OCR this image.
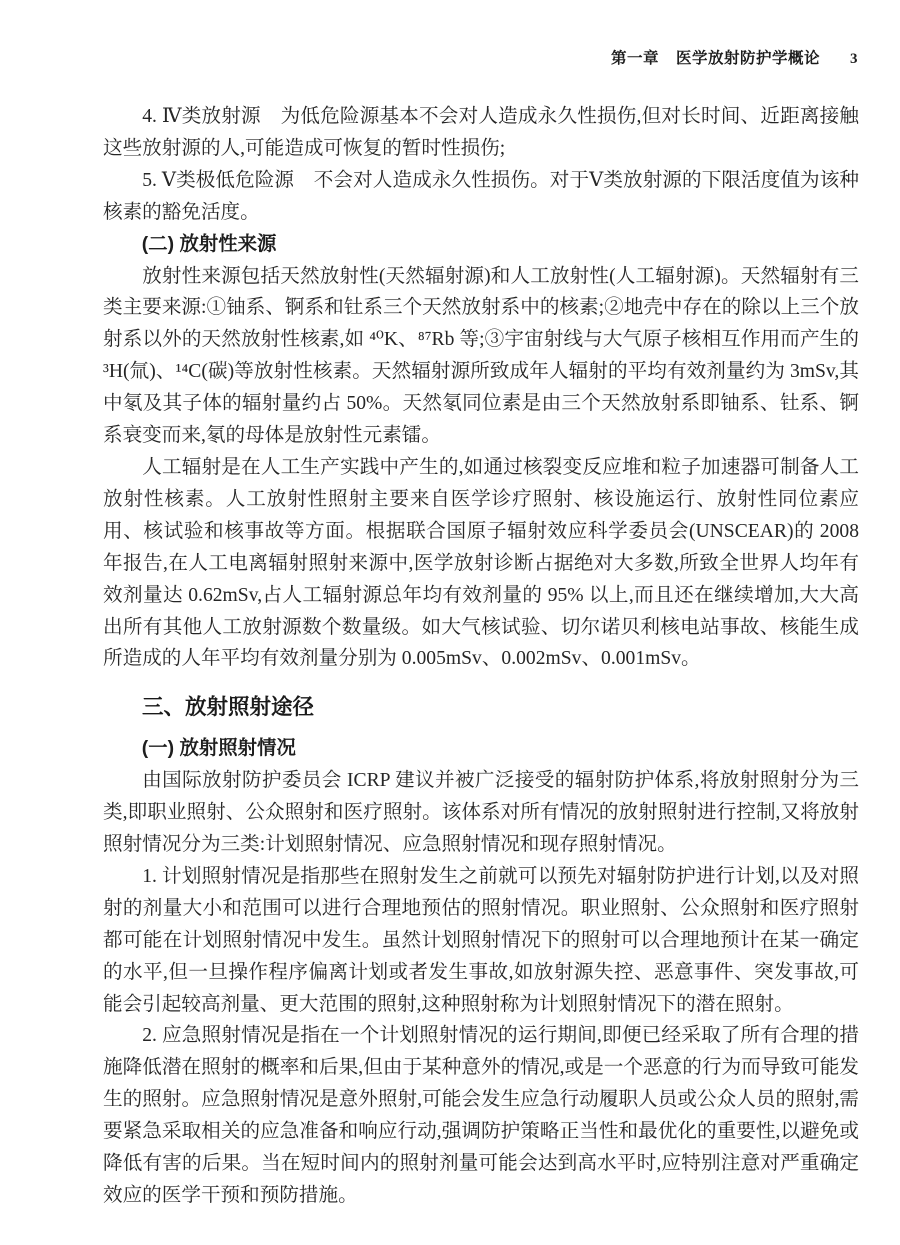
第一章 医学放射防护学概论 3

4. Ⅳ类放射源　为低危险源基本不会对人造成永久性损伤,但对长时间、近距离接触这些放射源的人,可能造成可恢复的暂时性损伤;

5. Ⅴ类极低危险源　不会对人造成永久性损伤。对于Ⅴ类放射源的下限活度值为该种核素的豁免活度。

(二) 放射性来源

放射性来源包括天然放射性(天然辐射源)和人工放射性(人工辐射源)。天然辐射有三类主要来源:①铀系、锕系和钍系三个天然放射系中的核素;②地壳中存在的除以上三个放射系以外的天然放射性核素,如 ⁴⁰K、⁸⁷Rb 等;③宇宙射线与大气原子核相互作用而产生的 ³H(氚)、¹⁴C(碳)等放射性核素。天然辐射源所致成年人辐射的平均有效剂量约为 3mSv,其中氡及其子体的辐射量约占 50%。天然氡同位素是由三个天然放射系即铀系、钍系、锕系衰变而来,氡的母体是放射性元素镭。

人工辐射是在人工生产实践中产生的,如通过核裂变反应堆和粒子加速器可制备人工放射性核素。人工放射性照射主要来自医学诊疗照射、核设施运行、放射性同位素应用、核试验和核事故等方面。根据联合国原子辐射效应科学委员会(UNSCEAR)的 2008 年报告,在人工电离辐射照射来源中,医学放射诊断占据绝对大多数,所致全世界人均年有效剂量达 0.62mSv,占人工辐射源总年均有效剂量的 95% 以上,而且还在继续增加,大大高出所有其他人工放射源数个数量级。如大气核试验、切尔诺贝利核电站事故、核能生成所造成的人年平均有效剂量分别为 0.005mSv、0.002mSv、0.001mSv。

三、放射照射途径

(一) 放射照射情况

由国际放射防护委员会 ICRP 建议并被广泛接受的辐射防护体系,将放射照射分为三类,即职业照射、公众照射和医疗照射。该体系对所有情况的放射照射进行控制,又将放射照射情况分为三类:计划照射情况、应急照射情况和现存照射情况。

1. 计划照射情况是指那些在照射发生之前就可以预先对辐射防护进行计划,以及对照射的剂量大小和范围可以进行合理地预估的照射情况。职业照射、公众照射和医疗照射都可能在计划照射情况中发生。虽然计划照射情况下的照射可以合理地预计在某一确定的水平,但一旦操作程序偏离计划或者发生事故,如放射源失控、恶意事件、突发事故,可能会引起较高剂量、更大范围的照射,这种照射称为计划照射情况下的潜在照射。

2. 应急照射情况是指在一个计划照射情况的运行期间,即便已经采取了所有合理的措施降低潜在照射的概率和后果,但由于某种意外的情况,或是一个恶意的行为而导致可能发生的照射。应急照射情况是意外照射,可能会发生应急行动履职人员或公众人员的照射,需要紧急采取相关的应急准备和响应行动,强调防护策略正当性和最优化的重要性,以避免或降低有害的后果。当在短时间内的照射剂量可能会达到高水平时,应特别注意对严重确定效应的医学干预和预防措施。
